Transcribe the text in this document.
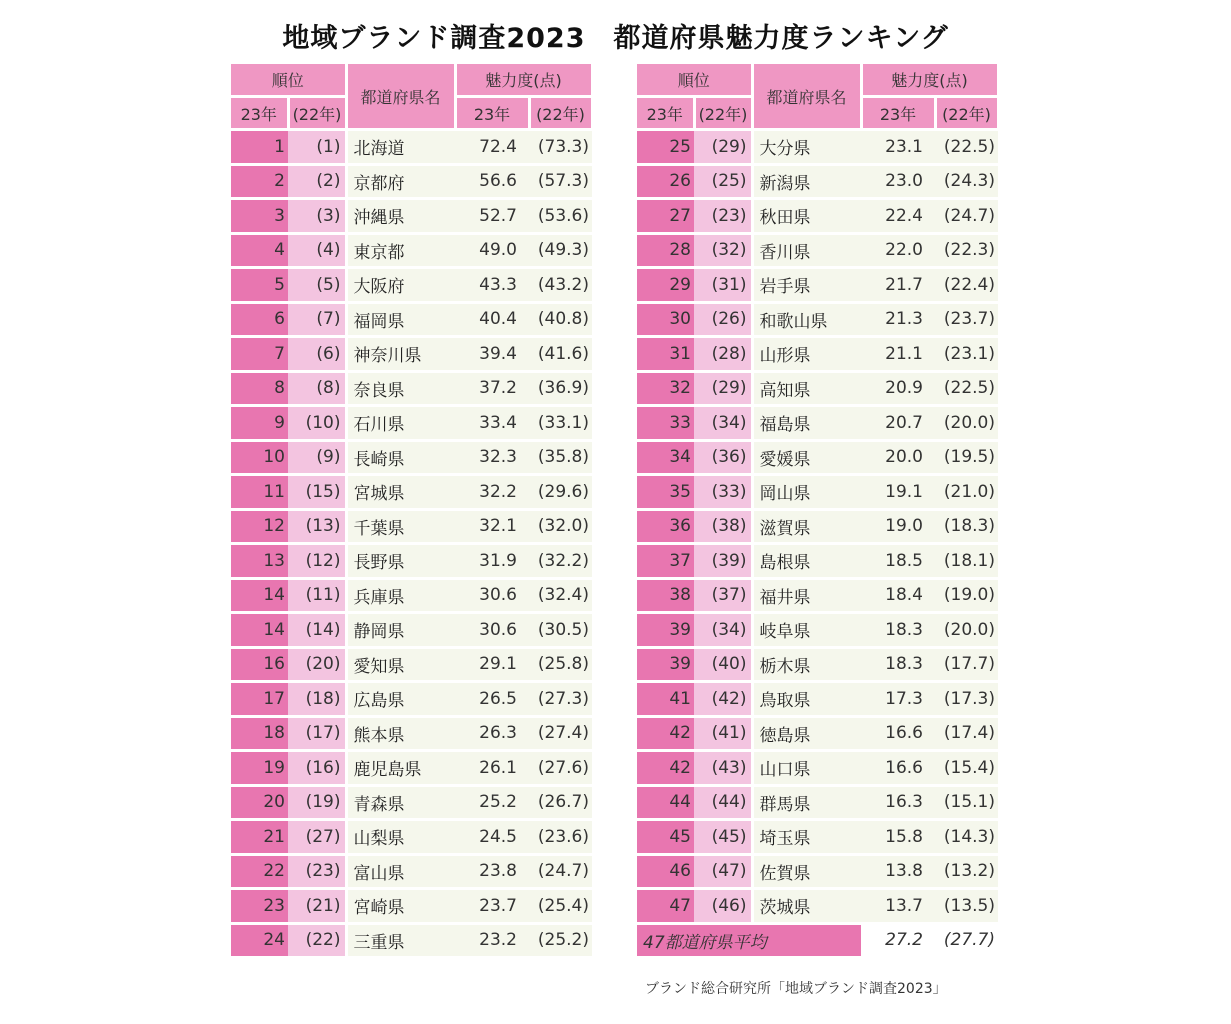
地域ブランド調査2023　都道府県魅力度ランキング
順位		都道府県名	魅力度(点)	
23年	(22年)		23年	(22年)
1	(1)	北海道	72.4	(73.3)
2	(2)	京都府	56.6	(57.3)
3	(3)	沖縄県	52.7	(53.6)
4	(4)	東京都	49.0	(49.3)
5	(5)	大阪府	43.3	(43.2)
6	(7)	福岡県	40.4	(40.8)
7	(6)	神奈川県	39.4	(41.6)
8	(8)	奈良県	37.2	(36.9)
9	(10)	石川県	33.4	(33.1)
10	(9)	長崎県	32.3	(35.8)
11	(15)	宮城県	32.2	(29.6)
12	(13)	千葉県	32.1	(32.0)
13	(12)	長野県	31.9	(32.2)
14	(11)	兵庫県	30.6	(32.4)
14	(14)	静岡県	30.6	(30.5)
16	(20)	愛知県	29.1	(25.8)
17	(18)	広島県	26.5	(27.3)
18	(17)	熊本県	26.3	(27.4)
19	(16)	鹿児島県	26.1	(27.6)
20	(19)	青森県	25.2	(26.7)
21	(27)	山梨県	24.5	(23.6)
22	(23)	富山県	23.8	(24.7)
23	(21)	宮崎県	23.7	(25.4)
24	(22)	三重県	23.2	(25.2)
順位		都道府県名	魅力度(点)	
23年	(22年)		23年	(22年)
25	(29)	大分県	23.1	(22.5)
26	(25)	新潟県	23.0	(24.3)
27	(23)	秋田県	22.4	(24.7)
28	(32)	香川県	22.0	(22.3)
29	(31)	岩手県	21.7	(22.4)
30	(26)	和歌山県	21.3	(23.7)
31	(28)	山形県	21.1	(23.1)
32	(29)	高知県	20.9	(22.5)
33	(34)	福島県	20.7	(20.0)
34	(36)	愛媛県	20.0	(19.5)
35	(33)	岡山県	19.1	(21.0)
36	(38)	滋賀県	19.0	(18.3)
37	(39)	島根県	18.5	(18.1)
38	(37)	福井県	18.4	(19.0)
39	(34)	岐阜県	18.3	(20.0)
39	(40)	栃木県	18.3	(17.7)
41	(42)	鳥取県	17.3	(17.3)
42	(41)	徳島県	16.6	(17.4)
42	(43)	山口県	16.6	(15.4)
44	(44)	群馬県	16.3	(15.1)
45	(45)	埼玉県	15.8	(14.3)
46	(47)	佐賀県	13.8	(13.2)
47	(46)	茨城県	13.7	(13.5)
47都道府県平均			27.2	(27.7)
ブランド総合研究所「地域ブランド調査2023」
